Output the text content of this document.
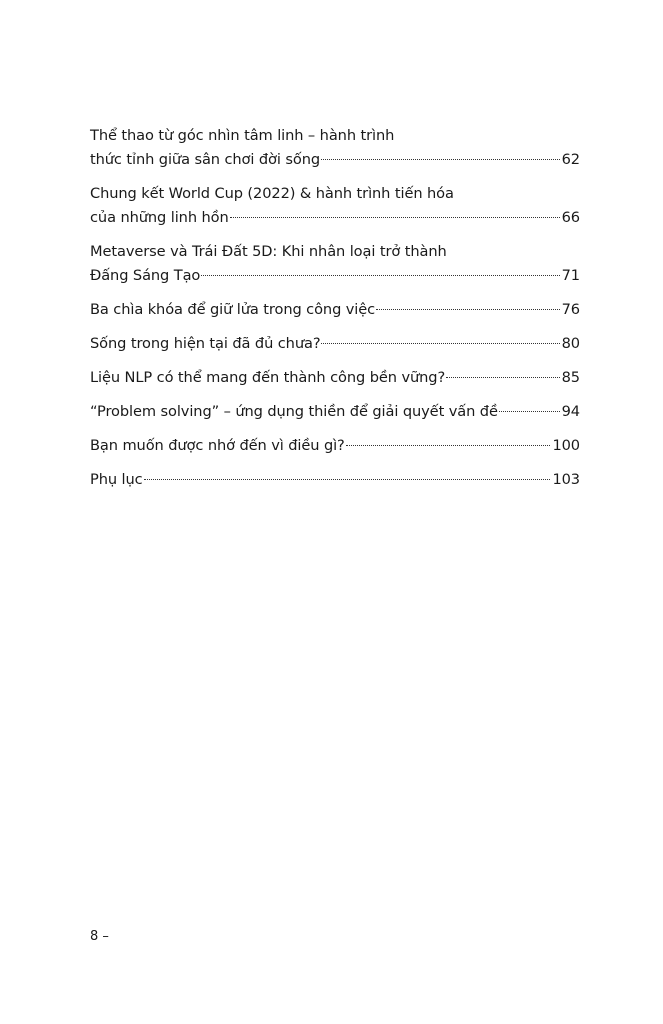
Thể thao từ góc nhìn tâm linh – hành trình
thức tỉnh giữa sân chơi đời sống	62
Chung kết World Cup (2022) & hành trình tiến hóa
của những linh hồn	66
Metaverse và Trái Đất 5D: Khi nhân loại trở thành
Đấng Sáng Tạo	71
Ba chìa khóa để giữ lửa trong công việc	76
Sống trong hiện tại đã đủ chưa?	80
Liệu NLP có thể mang đến thành công bền vững?	85
“Problem solving” – ứng dụng thiền để giải quyết vấn đề	94
Bạn muốn được nhớ đến vì điều gì?	100
Phụ lục	103
8 –
